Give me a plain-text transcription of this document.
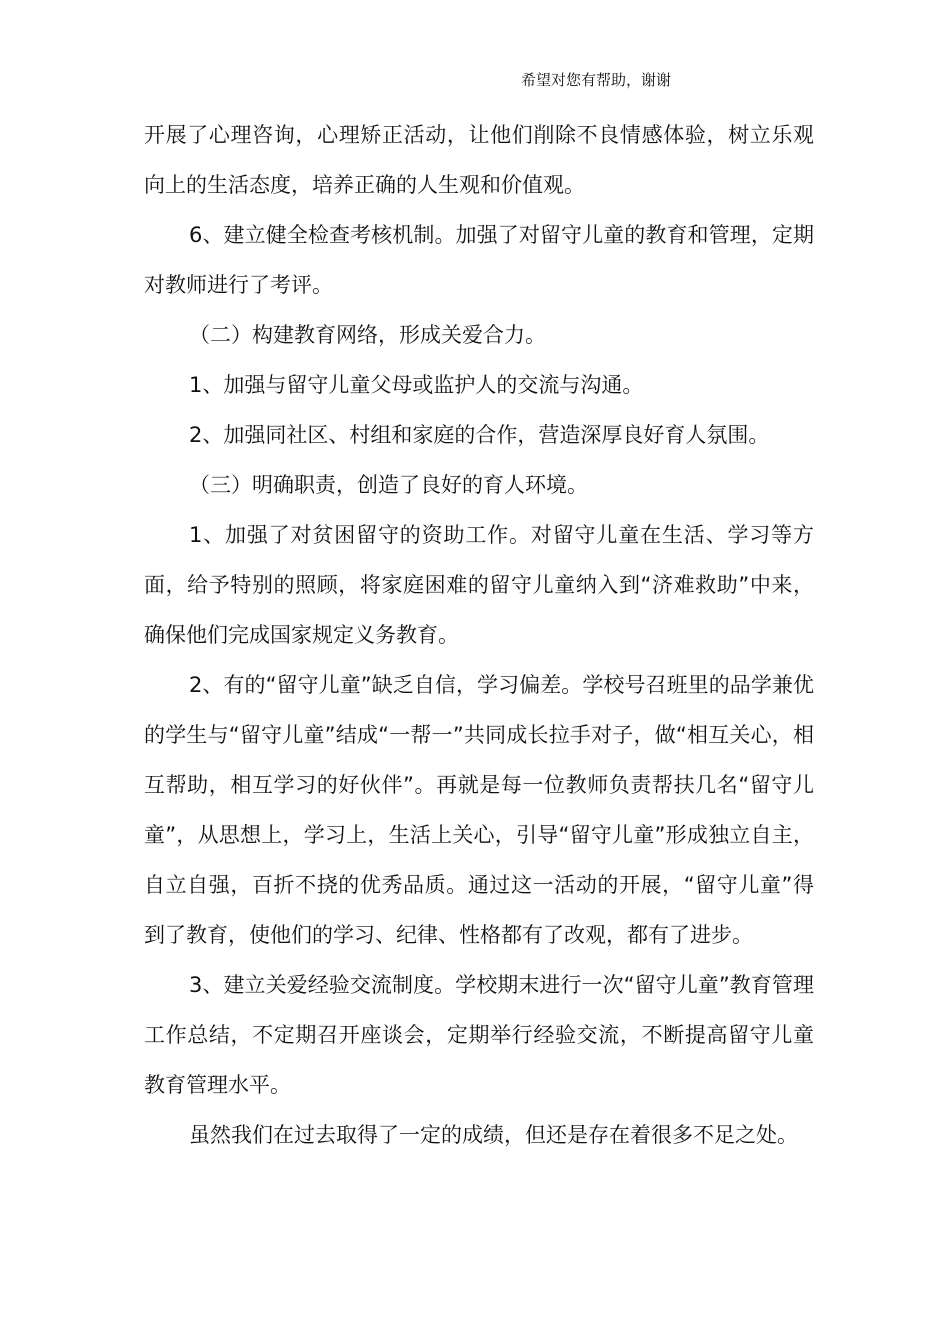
希望对您有帮助，谢谢

开展了心理咨询，心理矫正活动，让他们削除不良情感体验，树立乐观向上的生活态度，培养正确的人生观和价值观。

6、建立健全检查考核机制。加强了对留守儿童的教育和管理，定期对教师进行了考评。

（二）构建教育网络，形成关爱合力。

1、加强与留守儿童父母或监护人的交流与沟通。

2、加强同社区、村组和家庭的合作，营造深厚良好育人氛围。

（三）明确职责，创造了良好的育人环境。

1、加强了对贫困留守的资助工作。对留守儿童在生活、学习等方面，给予特别的照顾，将家庭困难的留守儿童纳入到“济难救助”中来，确保他们完成国家规定义务教育。

2、有的“留守儿童”缺乏自信，学习偏差。学校号召班里的品学兼优的学生与“留守儿童”结成“一帮一”共同成长拉手对子，做“相互关心，相互帮助，相互学习的好伙伴”。再就是每一位教师负责帮扶几名“留守儿童”，从思想上，学习上，生活上关心，引导“留守儿童”形成独立自主，自立自强，百折不挠的优秀品质。通过这一活动的开展，“留守儿童”得到了教育，使他们的学习、纪律、性格都有了改观，都有了进步。

3、建立关爱经验交流制度。学校期末进行一次“留守儿童”教育管理工作总结，不定期召开座谈会，定期举行经验交流，不断提高留守儿童教育管理水平。

虽然我们在过去取得了一定的成绩，但还是存在着很多不足之处。
